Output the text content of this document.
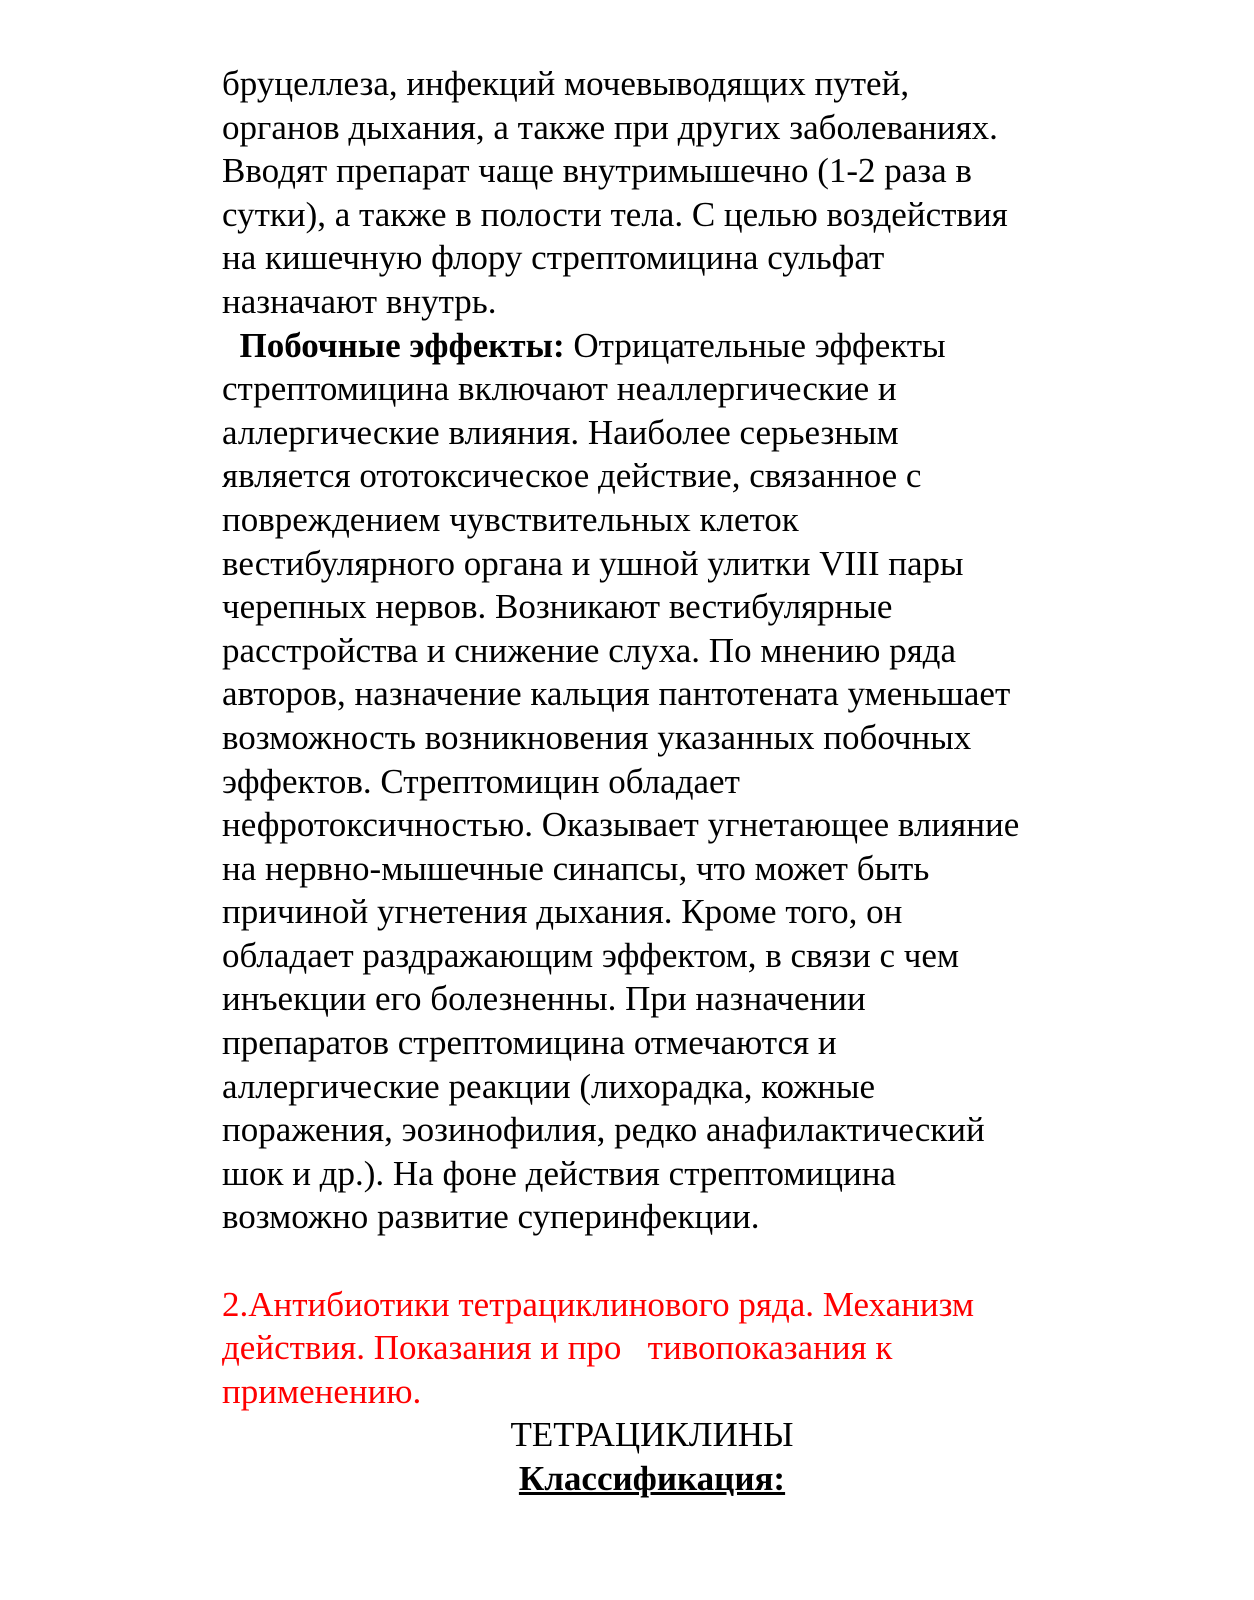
бруцеллеза, инфекций мочевыводящих путей,
органов дыхания, а также при других заболеваниях.
Вводят препарат чаще внутримышечно (1-2 раза в
сутки), а также в полости тела. С целью воздействия
на кишечную флору стрептомицина сульфат
назначают внутрь.
Побочные эффекты: Отрицательные эффекты
стрептомицина включают неаллергические и
аллергические влияния. Наиболее серьезным
является ототоксическое действие, связанное с
повреждением чувствительных клеток
вестибулярного органа и ушной улитки VIII пары
черепных нервов. Возникают вестибулярные
расстройства и снижение слуха. По мнению ряда
авторов, назначение кальция пантотената уменьшает
возможность возникновения указанных побочных
эффектов. Стрептомицин обладает
нефротоксичностью. Оказывает угнетающее влияние
на нервно-мышечные синапсы, что может быть
причиной угнетения дыхания. Кроме того, он
обладает раздражающим эффектом, в связи с чем
инъекции его болезненны. При назначении
препаратов стрептомицина отмечаются и
аллергические реакции (лихорадка, кожные
поражения, эозинофилия, редко анафилактический
шок и др.). На фоне действия стрептомицина
возможно развитие суперинфекции.
2.Антибиотики тетрациклинового ряда. Механизм
действия. Показания и про   тивопоказания к
применению.
ТЕТРАЦИКЛИНЫ
Классификация:
